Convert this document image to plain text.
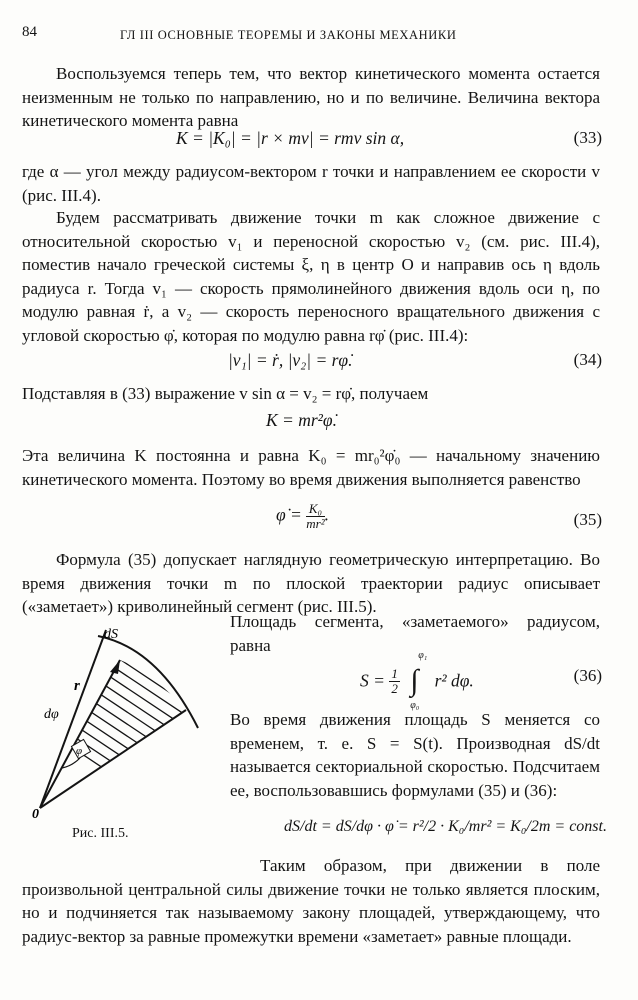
84	ГЛ III ОСНОВНЫЕ ТЕОРЕМЫ И ЗАКОНЫ МЕХАНИКИ

Воспользуемся теперь тем, что вектор кинетического момента остается неизменным не только по направлению, но и по величине. Величина вектора кинетического момента равна

K = |K₀| = |r × mv| = rmv sin α,	(33)

где α — угол между радиусом-вектором r точки и направлением ее скорости v (рис. III.4).

Будем рассматривать движение точки m как сложное движение с относительной скоростью v₁ и переносной скоростью v₂ (см. рис. III.4), поместив начало греческой системы ξ, η в центр O и направив ось η вдоль радиуса r. Тогда v₁ — скорость прямолинейного движения вдоль оси η, по модулю равная ṙ, а v₂ — скорость переносного вращательного движения с угловой скоростью φ̇, которая по модулю равна rφ̇ (рис. III.4):

|v₁| = ṙ, |v₂| = rφ̇.	(34)

Подставляя в (33) выражение v sin α = v₂ = rφ̇, получаем

K = mr²φ̇.

Эта величина K постоянна и равна K₀ = mr₀²φ̇₀ — начальному значению кинетического момента. Поэтому во время движения выполняется равенство

φ̇ = $\frac{\text{K₀}}{\text{mr²}}$ .	(35)

Формула (35) допускает наглядную геометрическую интерпретацию. Во время движения точки m по плоской траектории радиус описывает («заметает») криволинейный сегмент (рис. III.5).

dS
r
dφ
φ
0
Рис. III.5.

Площадь сегмента, «заметаемого» радиусом, равна

$S = \frac{1}{2}$
∫
φ₁
φ₀
r² dφ.	(36)

Во время движения площадь S меняется со временем, т. е. S = S(t). Производная dS/dt называется секториальной скоростью. Подсчитаем ее, воспользовавшись формулами (35) и (36):

dS/dt = dS/dφ · φ̇ = r²/2 · K₀/mr² = K₀/2m = const.

Таким образом, при движении в поле произвольной центральной силы движение точки не только является плоским, но и подчиняется так называемому закону площадей, утверждающему, что радиус-вектор за равные промежутки времени «заметает» равные площади.
